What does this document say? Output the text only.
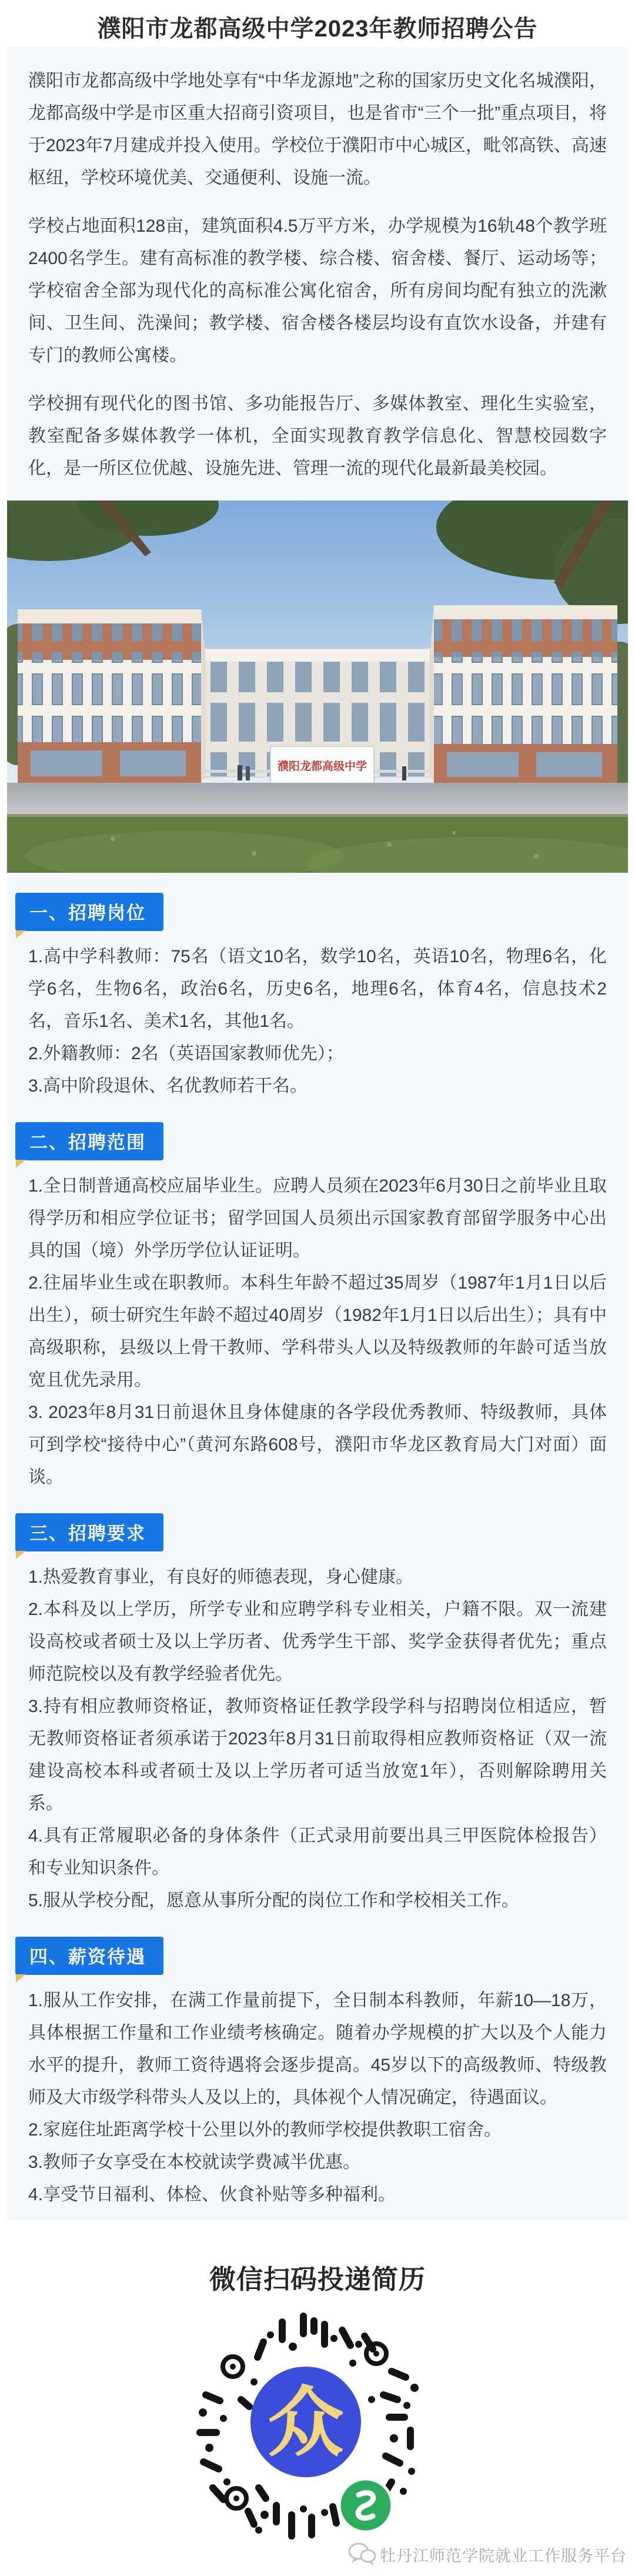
濮阳市龙都高级中学2023年教师招聘公告

濮阳市龙都高级中学地处享有“中华龙源地”之称的国家历史文化名城濮阳，龙都高级中学是市区重大招商引资项目，也是省市“三个一批”重点项目，将于2023年7月建成并投入使用。学校位于濮阳市中心城区，毗邻高铁、高速枢纽，学校环境优美、交通便利、设施一流。

学校占地面积128亩，建筑面积4.5万平方米，办学规模为16轨48个教学班2400名学生。建有高标准的教学楼、综合楼、宿舍楼、餐厅、运动场等；学校宿舍全部为现代化的高标准公寓化宿舍，所有房间均配有独立的洗漱间、卫生间、洗澡间；教学楼、宿舍楼各楼层均设有直饮水设备，并建有专门的教师公寓楼。

学校拥有现代化的图书馆、多功能报告厅、多媒体教室、理化生实验室，教室配备多媒体教学一体机，全面实现教育教学信息化、智慧校园数字化，是一所区位优越、设施先进、管理一流的现代化最新最美校园。

濮阳龙都高级中学
一、招聘岗位
1.高中学科教师：75名（语文10名，数学10名，英语10名，物理6名，化学6名，生物6名，政治6名，历史6名，地理6名，体育4名，信息技术2名，音乐1名、美术1名，其他1名。
2.外籍教师：2名（英语国家教师优先）；
3.高中阶段退休、名优教师若干名。
二、招聘范围
1.全日制普通高校应届毕业生。应聘人员须在2023年6月30日之前毕业且取得学历和相应学位证书；留学回国人员须出示国家教育部留学服务中心出具的国（境）外学历学位认证证明。
2.往届毕业生或在职教师。本科生年龄不超过35周岁（1987年1月1日以后出生），硕士研究生年龄不超过40周岁（1982年1月1日以后出生）；具有中高级职称，县级以上骨干教师、学科带头人以及特级教师的年龄可适当放宽且优先录用。
3. 2023年8月31日前退休且身体健康的各学段优秀教师、特级教师，具体可到学校“接待中心”（黄河东路608号，濮阳市华龙区教育局大门对面）面谈。
三、招聘要求
1.热爱教育事业，有良好的师德表现，身心健康。
2.本科及以上学历，所学专业和应聘学科专业相关，户籍不限。双一流建设高校或者硕士及以上学历者、优秀学生干部、奖学金获得者优先；重点师范院校以及有教学经验者优先。
3.持有相应教师资格证，教师资格证任教学段学科与招聘岗位相适应，暂无教师资格证者须承诺于2023年8月31日前取得相应教师资格证（双一流建设高校本科或者硕士及以上学历者可适当放宽1年），否则解除聘用关系。
4.具有正常履职必备的身体条件（正式录用前要出具三甲医院体检报告）和专业知识条件。
5.服从学校分配，愿意从事所分配的岗位工作和学校相关工作。
四、薪资待遇
1.服从工作安排，在满工作量前提下，全日制本科教师，年薪10—18万，具体根据工作量和工作业绩考核确定。随着办学规模的扩大以及个人能力水平的提升，教师工资待遇将会逐步提高。45岁以下的高级教师、特级教师及大市级学科带头人及以上的，具体视个人情况确定，待遇面议。
2.家庭住址距离学校十公里以外的教师学校提供教职工宿舍。
3.教师子女享受在本校就读学费减半优惠。
4.享受节日福利、体检、伙食补贴等多种福利。
微信扫码投递简历
众
牡丹江师范学院就业工作服务平台
